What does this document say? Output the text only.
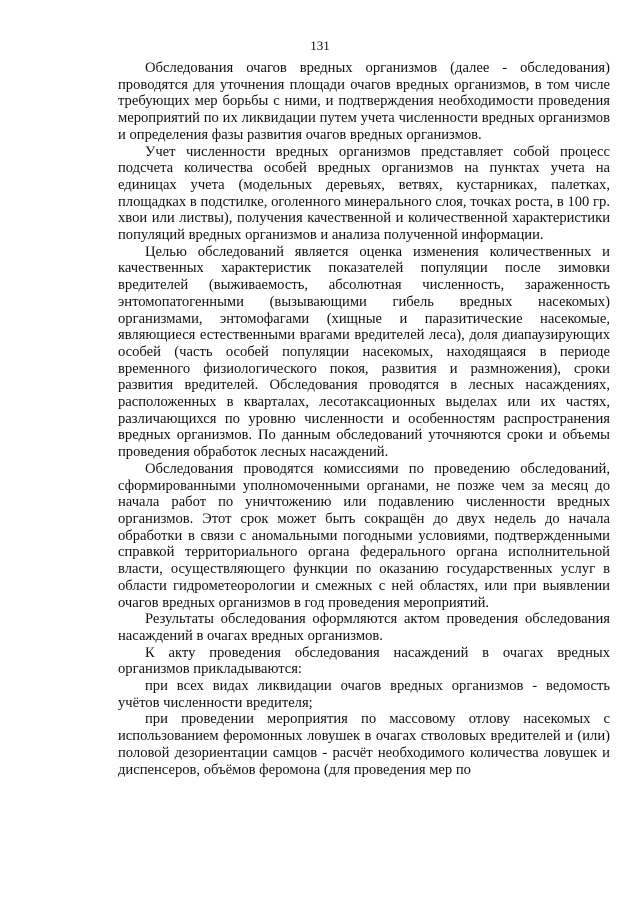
131

Обследования очагов вредных организмов (далее - обследования) проводятся для уточнения площади очагов вредных организмов, в том числе требующих мер борьбы с ними, и подтверждения необходимости проведения мероприятий по их ликвидации путем учета численности вредных организмов и определения фазы развития очагов вредных организмов.

Учет численности вредных организмов представляет собой процесс подсчета количества особей вредных организмов на пунктах учета на единицах учета (модельных деревьях, ветвях, кустарниках, палетках, площадках в подстилке, оголенного минерального слоя, точках роста, в 100 гр. хвои или листвы), получения качественной и количественной характеристики популяций вредных организмов и анализа полученной информации.

Целью обследований является оценка изменения количественных и качественных характеристик показателей популяции после зимовки вредителей (выживаемость, абсолютная численность, зараженность энтомопатогенными (вызывающими гибель вредных насекомых) организмами, энтомофагами (хищные и паразитические насекомые, являющиеся естественными врагами вредителей леса), доля диапаузирующих особей (часть особей популяции насекомых, находящаяся в периоде временного физиологического покоя, развития и размножения), сроки развития вредителей. Обследования проводятся в лесных насаждениях, расположенных в кварталах, лесотаксационных выделах или их частях, различающихся по уровню численности и особенностям распространения вредных организмов. По данным обследований уточняются сроки и объемы проведения обработок лесных насаждений.

Обследования проводятся комиссиями по проведению обследований, сформированными уполномоченными органами, не позже чем за месяц до начала работ по уничтожению или подавлению численности вредных организмов. Этот срок может быть сокращён до двух недель до начала обработки в связи с аномальными погодными условиями, подтвержденными справкой территориального органа федерального органа исполнительной власти, осуществляющего функции по оказанию государственных услуг в области гидрометеорологии и смежных с ней областях, или при выявлении очагов вредных организмов в год проведения мероприятий.

Результаты обследования оформляются актом проведения обследования насаждений в очагах вредных организмов.

К акту проведения обследования насаждений в очагах вредных организмов прикладываются:

при всех видах ликвидации очагов вредных организмов - ведомость учётов численности вредителя;

при проведении мероприятия по массовому отлову насекомых с использованием феромонных ловушек в очагах стволовых вредителей и (или) половой дезориентации самцов - расчёт необходимого количества ловушек и диспенсеров, объёмов феромона (для проведения мер по
